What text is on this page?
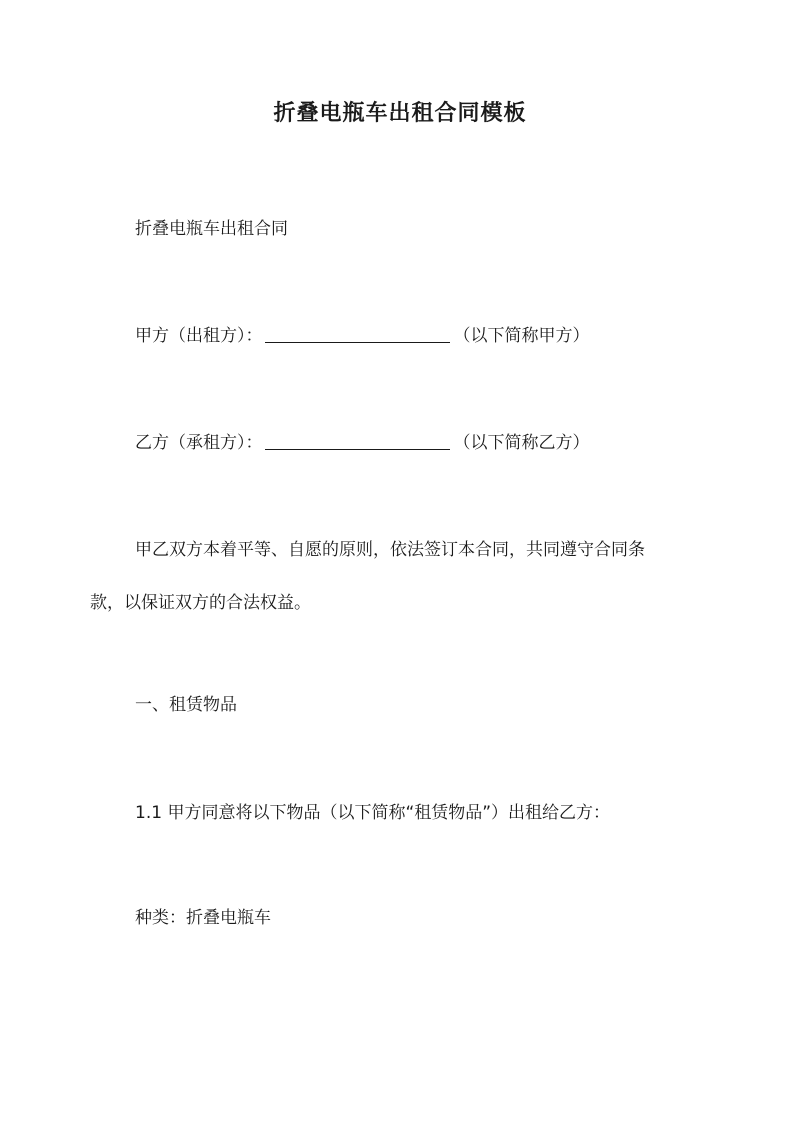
折叠电瓶车出租合同模板
折叠电瓶车出租合同
甲方（出租方）：	（以下简称甲方）
乙方（承租方）：	（以下简称乙方）
甲乙双方本着平等、自愿的原则，依法签订本合同，共同遵守合同条
款，以保证双方的合法权益。
一、租赁物品
1.1 甲方同意将以下物品（以下简称“租赁物品”）出租给乙方：
种类：折叠电瓶车
